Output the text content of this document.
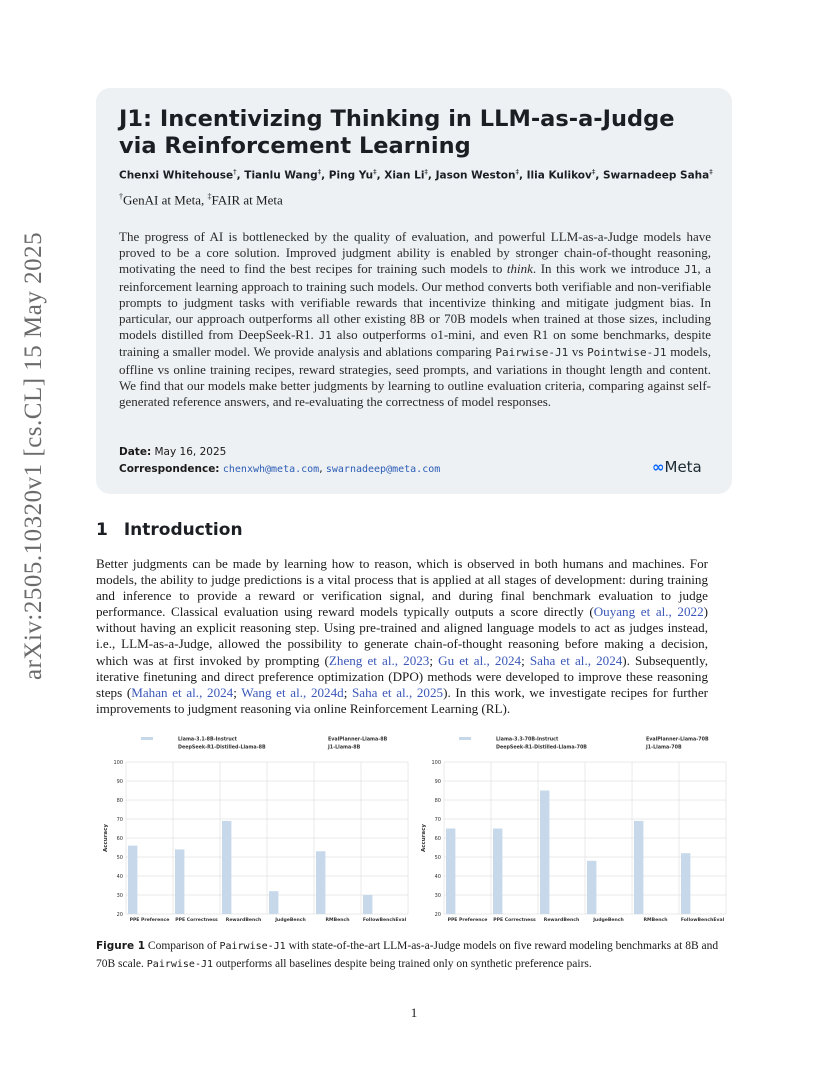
arXiv:2505.10320v1 [cs.CL] 15 May 2025
J1: Incentivizing Thinking in LLM-as-a-Judge
via Reinforcement Learning
Chenxi Whitehouse†, Tianlu Wang‡, Ping Yu‡, Xian Li‡, Jason Weston‡, Ilia Kulikov‡, Swarnadeep Saha‡
†GenAI at Meta, ‡FAIR at Meta

The progress of AI is bottlenecked by the quality of evaluation, and powerful LLM-as-a-Judge models have proved to be a core solution. Improved judgment ability is enabled by stronger chain-of-thought reasoning, motivating the need to find the best recipes for training such models to think. In this work we introduce J1, a reinforcement learning approach to training such models. Our method converts both verifiable and non-verifiable prompts to judgment tasks with verifiable rewards that incentivize thinking and mitigate judgment bias. In particular, our approach outperforms all other existing 8B or 70B models when trained at those sizes, including models distilled from DeepSeek-R1. J1 also outperforms o1-mini, and even R1 on some benchmarks, despite training a smaller model. We provide analysis and ablations comparing Pairwise-J1 vs Pointwise-J1 models, offline vs online training recipes, reward strategies, seed prompts, and variations in thought length and content. We find that our models make better judgments by learning to outline evaluation criteria, comparing against self-generated reference answers, and re-evaluating the correctness of model responses.

Date: May 16, 2025
Correspondence: chenxwh@meta.com, swarnadeep@meta.com	∞Meta
1 Introduction

Better judgments can be made by learning how to reason, which is observed in both humans and machines. For models, the ability to judge predictions is a vital process that is applied at all stages of development: during training and inference to provide a reward or verification signal, and during final benchmark evaluation to judge performance. Classical evaluation using reward models typically outputs a score directly (Ouyang et al., 2022) without having an explicit reasoning step. Using pre-trained and aligned language models to act as judges instead, i.e., LLM-as-a-Judge, allowed the possibility to generate chain-of-thought reasoning before making a decision, which was at first invoked by prompting (Zheng et al., 2023; Gu et al., 2024; Saha et al., 2024). Subsequently, iterative finetuning and direct preference optimization (DPO) methods were developed to improve these reasoning steps (Mahan et al., 2024; Wang et al., 2024d; Saha et al., 2025). In this work, we investigate recipes for further improvements to judgment reasoning via online Reinforcement Learning (RL).

Llama-3.1-8B-Instruct	EvalPlanner-Llama-8B
DeepSeek-R1-Distilled-Llama-8B	J1-Llama-8B
20
30
40
50
60
70
80
90
100
Accuracy
PPE Preference PPE Correctness RewardBench	JudgeBench	RMBench	FollowBenchEval
Llama-3.3-70B-Instruct	EvalPlanner-Llama-70B
DeepSeek-R1-Distilled-Llama-70B	J1-Llama-70B
20
30
40
50
60
70
80
90
100
Accuracy
PPE Preference PPE Correctness RewardBench	JudgeBench	RMBench	FollowBenchEval

Figure 1 Comparison of Pairwise-J1 with state-of-the-art LLM-as-a-Judge models on five reward modeling benchmarks at 8B and 70B scale. Pairwise-J1 outperforms all baselines despite being trained only on synthetic preference pairs.

1
